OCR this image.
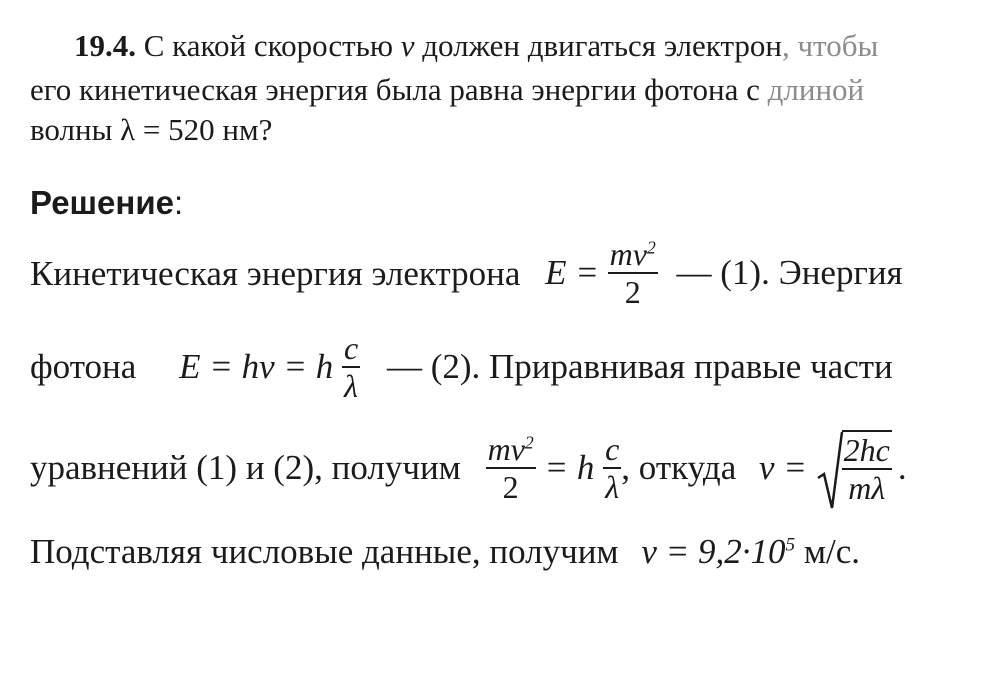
19.4. С какой скоростью v должен двигаться электрон, чтобы
его кинетическая энергия была равна энергии фотона с длиной
волны λ = 520 нм?
Решение:
Кинетическая энергия электрона $E = \frac{mv^2}{2}$ — (1). Энергия
фотона E = hν = h $\frac{c}{\lambda}$ — (2). Приравнивая правые части
уравнений (1) и (2), получим $\frac{mv^2}{2} = h \frac{c}{\lambda}$ , откуда $v = \frac{2hc}{m\lambda}$ .
Подставляя числовые данные, получим $v = 9,2\cdot 10^5$ м/с.
